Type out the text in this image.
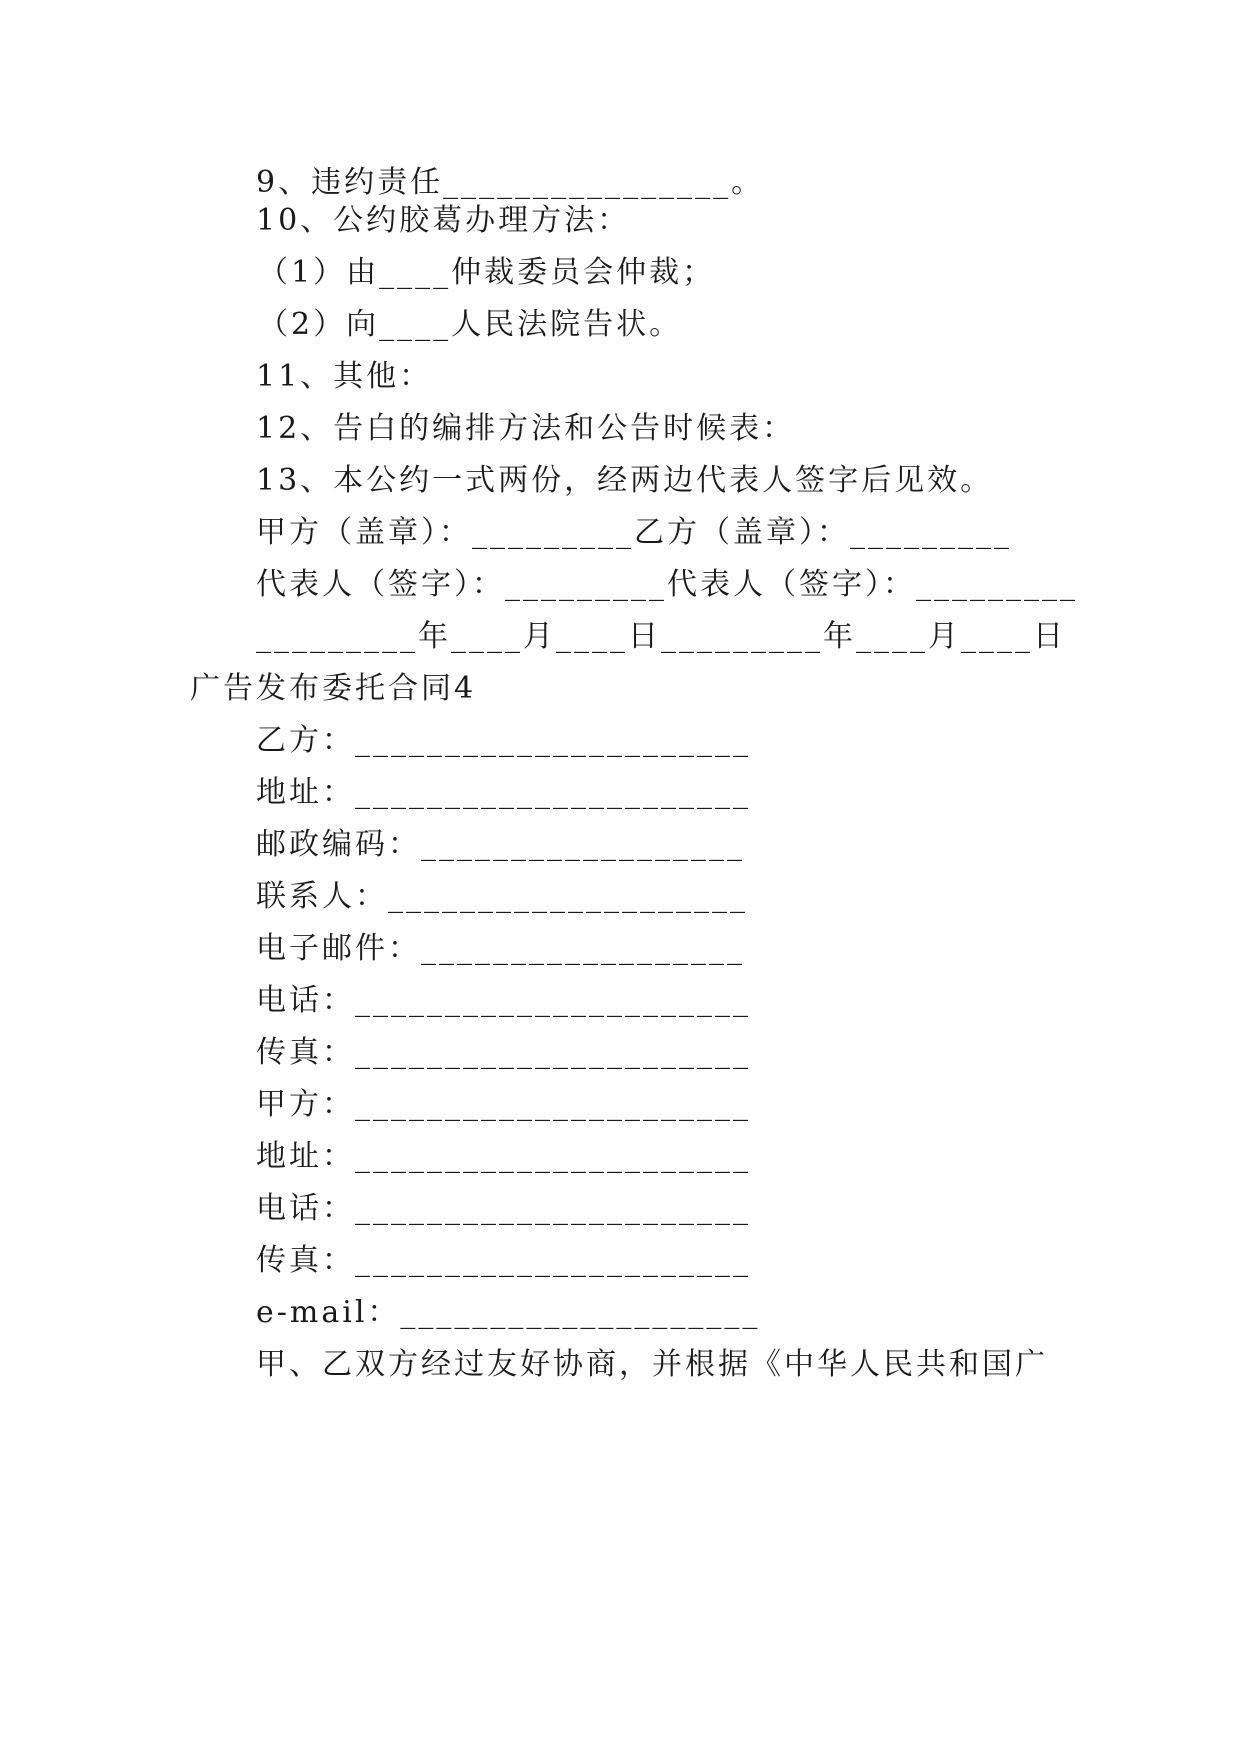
9、违约责任________________。
10、公约胶葛办理方法：
（1）由____仲裁委员会仲裁；
（2）向____人民法院告状。
11、其他：
12、告白的编排方法和公告时候表：
13、本公约一式两份，经两边代表人签字后见效。
甲方（盖章）：_________乙方（盖章）：_________
代表人（签字）：_________代表人（签字）：_________
_________年____月____日_________年____月____日
广告发布委托合同4
乙方：______________________
地址：______________________
邮政编码：__________________
联系人：____________________
电子邮件：__________________
电话：______________________
传真：______________________
甲方：______________________
地址：______________________
电话：______________________
传真：______________________
e-mail：____________________
甲、乙双方经过友好协商，并根据《中华人民共和国广
